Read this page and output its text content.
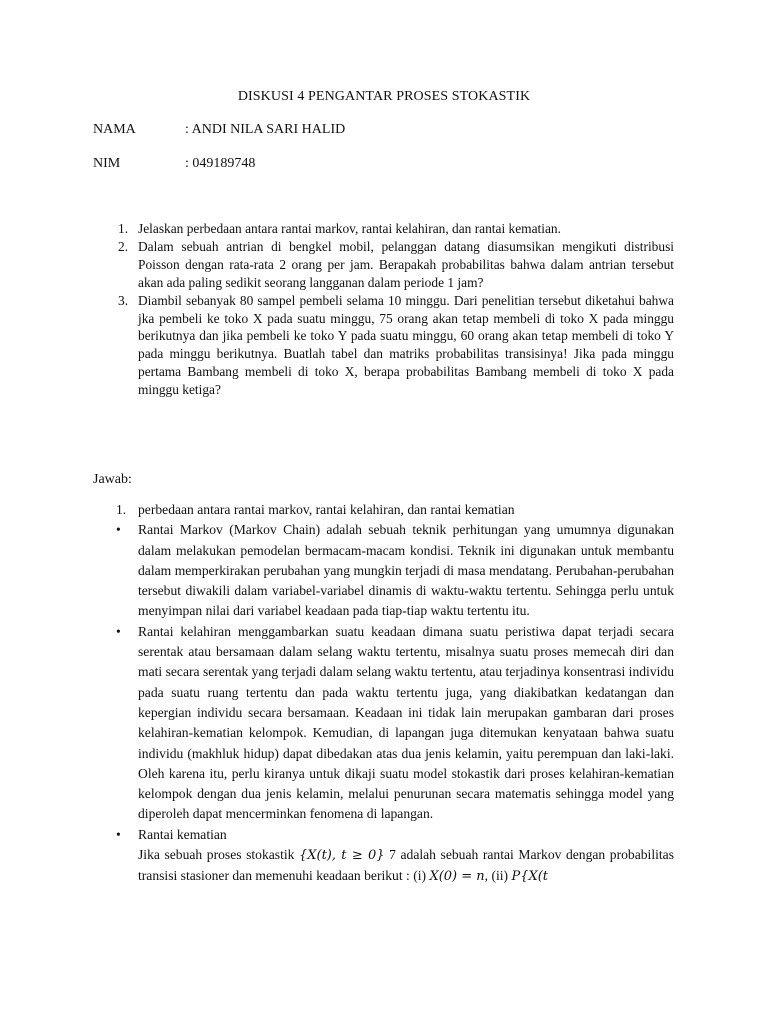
DISKUSI 4 PENGANTAR PROSES STOKASTIK
NAMA	: ANDI NILA SARI HALID
NIM	: 049189748
1. Jelaskan perbedaan antara rantai markov, rantai kelahiran, dan rantai kematian.
2. Dalam sebuah antrian di bengkel mobil, pelanggan datang diasumsikan mengikuti distribusi Poisson dengan rata-rata 2 orang per jam. Berapakah probabilitas bahwa dalam antrian tersebut akan ada paling sedikit seorang langganan dalam periode 1 jam?
3. Diambil sebanyak 80 sampel pembeli selama 10 minggu. Dari penelitian tersebut diketahui bahwa jka pembeli ke toko X pada suatu minggu, 75 orang akan tetap membeli di toko X pada minggu berikutnya dan jika pembeli ke toko Y pada suatu minggu, 60 orang akan tetap membeli di toko Y pada minggu berikutnya. Buatlah tabel dan matriks probabilitas transisinya! Jika pada minggu pertama Bambang membeli di toko X, berapa probabilitas Bambang membeli di toko X pada minggu ketiga?
Jawab:
1. perbedaan antara rantai markov, rantai kelahiran, dan rantai kematian

• Rantai Markov (Markov Chain) adalah sebuah teknik perhitungan yang umumnya digunakan dalam melakukan pemodelan bermacam-macam kondisi. Teknik ini digunakan untuk membantu dalam memperkirakan perubahan yang mungkin terjadi di masa mendatang. Perubahan-perubahan tersebut diwakili dalam variabel-variabel dinamis di waktu-waktu tertentu. Sehingga perlu untuk menyimpan nilai dari variabel keadaan pada tiap-tiap waktu tertentu itu.

• Rantai kelahiran menggambarkan suatu keadaan dimana suatu peristiwa dapat terjadi secara serentak atau bersamaan dalam selang waktu tertentu, misalnya suatu proses memecah diri dan mati secara serentak yang terjadi dalam selang waktu tertentu, atau terjadinya konsentrasi individu pada suatu ruang tertentu dan pada waktu tertentu juga, yang diakibatkan kedatangan dan kepergian individu secara bersamaan. Keadaan ini tidak lain merupakan gambaran dari proses kelahiran-kematian kelompok. Kemudian, di lapangan juga ditemukan kenyataan bahwa suatu individu (makhluk hidup) dapat dibedakan atas dua jenis kelamin, yaitu perempuan dan laki-laki. Oleh karena itu, perlu kiranya untuk dikaji suatu model stokastik dari proses kelahiran-kematian kelompok dengan dua jenis kelamin, melalui penurunan secara matematis sehingga model yang diperoleh dapat mencerminkan fenomena di lapangan.

• Rantai kematian

Jika sebuah proses stokastik {X(t), t ≥ 0} 7 adalah sebuah rantai Markov dengan probabilitas transisi stasioner dan memenuhi keadaan berikut : (i) X(0) = n, (ii) P{X(t
